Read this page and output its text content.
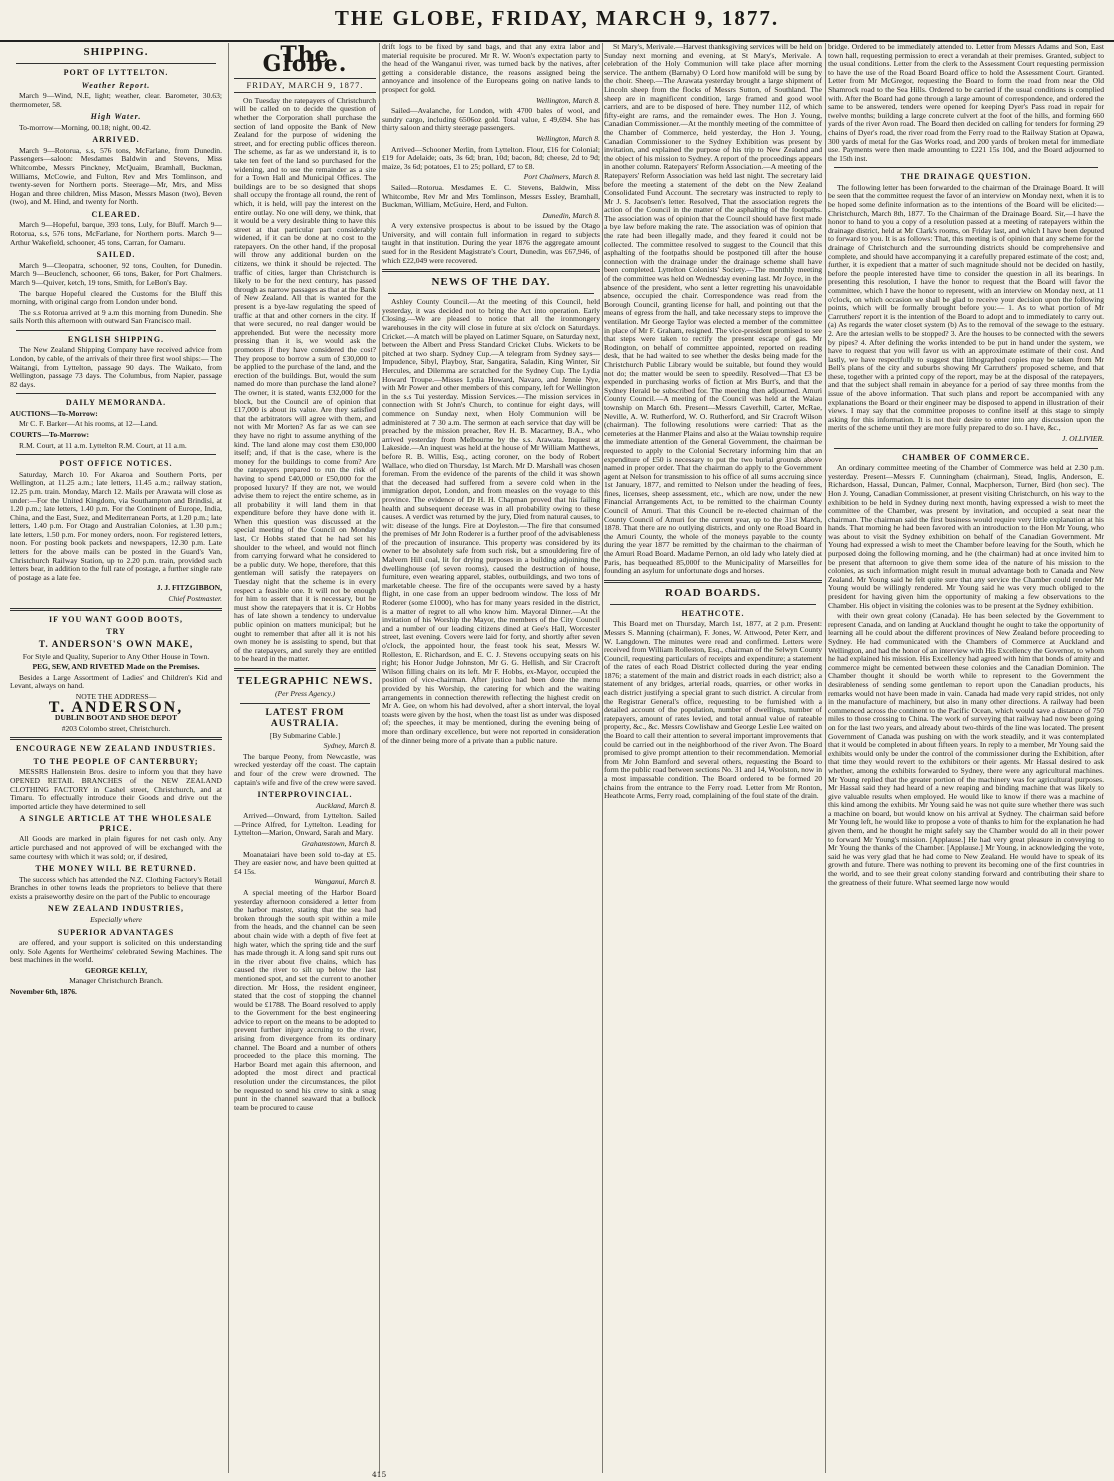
THE GLOBE, FRIDAY, MARCH 9, 1877.
SHIPPING.
PORT OF LYTTELTON.
Weather Report.

March 9—Wind, N.E, light; weather, clear. Barometer, 30.63; thermometer, 58.

High Water.

To-morrow—Morning, 00.18; night, 00.42.

ARRIVED.

March 9—Rotorua, s.s, 576 tons, McFarlane, from Dunedin. Passengers—saloon: Mesdames Baldwin and Stevens, Miss Whitcombe, Messrs Pinckney, McQuaim, Bramhall, Buckman, Williams, McCowie, and Fulton, Rev and Mrs Tomlinson, and twenty-seven for Northern ports. Steerage—Mr, Mrs, and Miss Hogan and three children, Miss Mason, Messrs Mason (two), Beven (two), and M. Hind, and twenty for North.

CLEARED.

March 9—Hopeful, barque, 393 tons, Luly, for Bluff. March 9—Rotorua, s.s, 576 tons, McFarlane, for Northern ports. March 9—Arthur Wakefield, schooner, 45 tons, Carran, for Oamaru.

SAILED.

March 9—Cleopatra, schooner, 92 tons, Coulten, for Dunedin. March 9—Beuclench, schooner, 66 tons, Baker, for Port Chalmers. March 9—Quiver, ketch, 19 tons, Smith, for LeBon's Bay.

The barque Hopeful cleared the Customs for the Bluff this morning, with original cargo from London under bond.

The s.s Rotorua arrived at 9 a.m this morning from Dunedin. She sails North this afternoon with outward San Francisco mail.

ENGLISH SHIPPING.

The New Zealand Shipping Company have received advice from London, by cable, of the arrivals of their three first wool ships:— The Waitangi, from Lyttelton, passage 90 days. The Waikato, from Wellington, passage 73 days. The Columbus, from Napier, passage 82 days.

DAILY MEMORANDA.

AUCTIONS—To-Morrow:

Mr C. F. Barker—At his rooms, at 12—Land.

COURTS—To-Morrow:

R.M. Court, at 11 a.m. Lyttelton R.M. Court, at 11 a.m.

POST OFFICE NOTICES.

Saturday, March 10. For Akaroa and Southern Ports, per Wellington, at 11.25 a.m.; late letters, 11.45 a.m.; railway station, 12.25 p.m. train. Monday, March 12. Mails per Arawata will close as under:—For the United Kingdom, via Southampton and Brindisi, at 1.20 p.m.; late letters, 1.40 p.m. For the Continent of Europe, India, China, and the East, Suez, and Mediterranean Ports, at 1.20 p.m.; late letters, 1.40 p.m. For Otago and Australian Colonies, at 1.30 p.m.; late letters, 1.50 p.m. For money orders, noon. For registered letters, noon. For posting book packets and newspapers, 12.30 p.m. Late letters for the above mails can be posted in the Guard's Van, Christchurch Railway Station, up to 2.20 p.m. train, provided such letters bear, in addition to the full rate of postage, a further single rate of postage as a late fee.

J. J. FITZGIBBON,

Chief Postmaster.

IF YOU WANT GOOD BOOTS,
TRY
T. ANDERSON'S OWN MAKE,

For Style and Quality, Superior to Any Other House in Town.

PEG, SEW, AND RIVETED Made on the Premises.

Besides a Large Assortment of Ladies' and Children's Kid and Levant, always on hand.

NOTE THE ADDRESS—

T. ANDERSON,

DUBLIN BOOT AND SHOE DEPOT

#203 Colombo street, Christchurch.

ENCOURAGE NEW ZEALAND INDUSTRIES.
TO THE PEOPLE OF CANTERBURY;

MESSRS Hallenstein Bros. desire to inform you that they have OPENED RETAIL BRANCHES of the NEW ZEALAND CLOTHING FACTORY in Cashel street, Christchurch, and at Timaru. To effectually introduce their Goods and drive out the imported article they have determined to sell

A SINGLE ARTICLE AT THE WHOLESALE PRICE.

All Goods are marked in plain figures for net cash only. Any article purchased and not approved of will be exchanged with the same courtesy with which it was sold; or, if desired,

THE MONEY WILL BE RETURNED.

The success which has attended the N.Z. Clothing Factory's Retail Branches in other towns leads the proprietors to believe that there exists a praiseworthy desire on the part of the Public to encourage

NEW ZEALAND INDUSTRIES,

Especially where

SUPERIOR ADVANTAGES

are offered, and your support is solicited on this understanding only. Sole Agents for Wertheims' celebrated Sewing Machines. The best machines in the world.

GEORGE KELLY,

Manager Christchurch Branch.

November 6th, 1876.

The Globe.
FRIDAY, MARCH 9, 1877.

On Tuesday the ratepayers of Christchurch will be called on to decide the question of whether the Corporation shall purchase the section of land opposite the Bank of New Zealand for the purpose of widening the street, and for erecting public offices thereon. The scheme, as far as we understand it, is to take ten feet of the land so purchased for the widening, and to use the remainder as a site for a Town Hall and Municipal Offices. The buildings are to be so designed that shops shall occupy the frontage all round, the rent of which, it is held, will pay the interest on the entire outlay. No one will deny, we think, that it would be a very desirable thing to have this street at that particular part considerably widened, if it can be done at no cost to the ratepayers. On the other hand, if the proposal will throw any additional burden on the citizens, we think it should be rejected. The traffic of cities, larger than Christchurch is likely to be for the next century, has passed through as narrow passages as that at the Bank of New Zealand. All that is wanted for the present is a bye-law regulating the speed of traffic at that and other corners in the city. If that were secured, no real danger would be apprehended. But were the necessity more pressing than it is, we would ask the promoters if they have considered the cost? They propose to borrow a sum of £30,000 to be applied to the purchase of the land, and the erection of the buildings. But, would the sum named do more than purchase the land alone? The owner, it is stated, wants £32,000 for the block, but the Council are of opinion that £17,000 is about its value. Are they satisfied that the arbitrators will agree with them, and not with Mr Morten? As far as we can see they have no right to assume anything of the kind. The land alone may cost them £30,000 itself; and, if that is the case, where is the money for the buildings to come from? Are the ratepayers prepared to run the risk of having to spend £40,000 or £50,000 for the proposed luxury? If they are not, we would advise them to reject the entire scheme, as in all probability it will land them in that expenditure before they have done with it. When this question was discussed at the special meeting of the Council on Monday last, Cr Hobbs stated that he had set his shoulder to the wheel, and would not flinch from carrying forward what he considered to be a public duty. We hope, therefore, that this gentleman will satisfy the ratepayers on Tuesday night that the scheme is in every respect a feasible one. It will not be enough for him to assert that it is necessary, but he must show the ratepayers that it is. Cr Hobbs has of late shown a tendency to undervalue public opinion on matters municipal; but he ought to remember that after all it is not his own money he is assisting to spend, but that of the ratepayers, and surely they are entitled to be heard in the matter.

TELEGRAPHIC NEWS.

(Per Press Agency.)

LATEST FROM AUSTRALIA.

[By Submarine Cable.]

Sydney, March 8.

The barque Peony, from Newcastle, was wrecked yesterday off the coast. The captain and four of the crew were drowned. The captain's wife and five of the crew were saved.

INTERPROVINCIAL.

Auckland, March 8.

Arrived—Onward, from Lyttelton. Sailed—Prince Alfred, for Lyttelton. Leading for Lyttelton—Marion, Onward, Sarah and Mary.

Grahamstown, March 8.

Moanataiari have been sold to-day at £5. They are easier now, and have been quitted at £4 15s.

Wanganui, March 8.

A special meeting of the Harbor Board yesterday afternoon considered a letter from the harbor master, stating that the sea had broken through the south spit within a mile from the heads, and the channel can be seen about chain wide with a depth of five feet at high water, which the spring tide and the surf has made through it. A long sand spit runs out in the river about five chains, which has caused the river to silt up below the last mentioned spot, and set the current to another direction. Mr Hoss, the resident engineer, stated that the cost of stopping the channel would be £1788. The Board resolved to apply to the Government for the best engineering advice to report on the means to be adopted to prevent further injury accruing to the river, arising from divergence from its ordinary channel. The Board and a number of others proceeded to the place this morning. The Harbor Board met again this afternoon, and adopted the most direct and practical resolution under the circumstances, the pilot be requested to send his crew to sink a snag punt in the channel seaward that a bullock team be procured to cause

drift logs to be fixed by sand bags, and that any extra labor and material requisite be procured. Mr R. W. Woon's expectation party to the head of the Wanganui river, was turned back by the natives, after getting a considerable distance, the reasons assigned being the annoyance and insolence of the Europeans going on native lands to prospect for gold.

Wellington, March 8.

Sailed—Avalanche, for London, with 4700 bales of wool, and sundry cargo, including 6506oz gold. Total value, £ 49,694. She has thirty saloon and thirty steerage passengers.

Wellington, March 8.

Arrived—Schooner Merlin, from Lyttelton. Flour, £16 for Colonial; £19 for Adelaide; oats, 3s 6d; bran, 10d; bacon, 8d; cheese, 2d to 9d; maize, 3s 6d; potatoes, £1 to 25; pollard, £7 to £8.

Port Chalmers, March 8.

Sailed—Rotorua. Mesdames E. C. Stevens, Baldwin, Miss Whitcombe, Rev Mr and Mrs Tomlinson, Messrs Essley, Bramhall, Buckman, William, McGuire, Herd, and Fulton.

Dunedin, March 8.

A very extensive prospectus is about to be issued by the Otago University, and will contain full information in regard to subjects taught in that institution. During the year 1876 the aggregate amount sued for in the Resident Magistrate's Court, Dunedin, was £67,946, of which £22,049 were recovered.

NEWS OF THE DAY.

Ashley County Council.—At the meeting of this Council, held yesterday, it was decided not to bring the Act into operation. Early Closing.—We are pleased to notice that all the ironmongery warehouses in the city will close in future at six o'clock on Saturdays. Cricket.—A match will be played on Latimer Square, on Saturday next, between the Albert and Press Standard Cricket Clubs. Wickets to be pitched at two sharp. Sydney Cup.—A telegram from Sydney says—Impudence, Sibyl, Playboy, Star, Sangatira, Saladin, King Winter, Sir Hercules, and Dilemma are scratched for the Sydney Cup. The Lydia Howard Troupe.—Misses Lydia Howard, Navaro, and Jennie Nye, with Mr Power and other members of this company, left for Wellington in the s.s Tui yesterday. Mission Services.—The mission services in connection with St John's Church, to continue for eight days, will commence on Sunday next, when Holy Communion will be administered at 7 30 a.m. The sermon at each service that day will be preached by the mission preacher, Rev H. B. Macartney, B.A., who arrived yesterday from Melbourne by the s.s. Arawata. Inquest at Lakeside.—An inquest was held at the house of Mr William Matthews, before R. B. Willis, Esq., acting coroner, on the body of Robert Wallace, who died on Thursday, 1st March. Mr D. Marshall was chosen foreman. From the evidence of the parents of the child it was shown that the deceased had suffered from a severe cold when in the immigration depot, London, and from measles on the voyage to this province. The evidence of Dr H. H. Chapman proved that his failing health and subsequent decease was in all probability owing to these causes. A verdict was returned by the jury, Died from natural causes, to wit: disease of the lungs. Fire at Doyleston.—The fire that consumed the premises of Mr John Roderer is a further proof of the advisableness of the precaution of insurance. This property was considered by its owner to be absolutely safe from such risk, but a smouldering fire of Malvern Hill coal, lit for drying purposes in a building adjoining the dwellinghouse (of seven rooms), caused the destruction of house, furniture, even wearing apparel, stables, outbuildings, and two tons of marketable cheese. The fire of the occupants were saved by a hasty flight, in one case from an upper bedroom window. The loss of Mr Roderer (some £1000), who has for many years resided in the district, is a matter of regret to all who know him. Mayoral Dinner.—At the invitation of his Worship the Mayor, the members of the City Council and a number of our leading citizens dined at Gee's Hall, Worcester street, last evening. Covers were laid for forty, and shortly after seven o'clock, the appointed hour, the feast took his seat, Messrs W. Rolleston, E. Richardson, and E. C. J. Stevens occupying seats on his right; his Honor Judge Johnston, Mr G. G. Hellish, and Sir Cracroft Wilson filling chairs on its left. Mr F. Hobbs, ex-Mayor, occupied the position of vice-chairman. After justice had been done the menu provided by his Worship, the catering for which and the waiting arrangements in connection therewith reflecting the highest credit on Mr A. Gee, on whom his had devolved, after a short interval, the loyal toasts were given by the host, when the toast list as under was disposed of; the speeches, it may be mentioned, during the evening being of more than ordinary excellence, but were not reported in consideration of the dinner being more of a private than a public nature.

St Mary's, Merivale.—Harvest thanksgiving services will be held on Sunday next morning and evening, at St Mary's, Merivale. A celebration of the Holy Communion will take place after morning service. The anthem (Barnaby) O Lord how manifold will be sung by the choir. Sheep.—The Arawata yesterday brought a large shipment of Lincoln sheep from the flocks of Messrs Sutton, of Southland. The sheep are in magnificent condition, large framed and good wool carriers, and are to be disposed of here. They number 112, of which fifty-eight are rams, and the remainder ewes. The Hon J. Young, Canadian Commissioner.—At the monthly meeting of the committee of the Chamber of Commerce, held yesterday, the Hon J. Young, Canadian Commissioner to the Sydney Exhibition was present by invitation, and explained the purpose of his trip to New Zealand and the object of his mission to Sydney. A report of the proceedings appears in another column. Ratepayers' Reform Association.—A meeting of the Ratepayers' Reform Association was held last night. The secretary laid before the meeting a statement of the debt on the New Zealand Consolidated Fund Account. The secretary was instructed to reply to Mr J. S. Jacobsen's letter. Resolved, That the association regrets the action of the Council in the matter of the asphalting of the footpaths. The association was of opinion that the Council should have first made a bye law before making the rate. The association was of opinion that the rate had been illegally made, and they feared it could not be collected. The committee resolved to suggest to the Council that this asphalting of the footpaths should be postponed till after the house connection with the drainage under the drainage scheme shall have been completed. Lyttelton Colonists' Society.—The monthly meeting of the committee was held on Wednesday evening last. Mr Joyce, in the absence of the president, who sent a letter regretting his unavoidable absence, occupied the chair. Correspondence was read from the Borough Council, granting license for hall, and pointing out that the means of egress from the hall, and take necessary steps to improve the ventilation. Mr George Taylor was elected a member of the committee in place of Mr F. Graham, resigned. The vice-president promised to see that steps were taken to rectify the present escape of gas. Mr Rodington, on behalf of committee appointed, reported on reading desk, that he had waited to see whether the desks being made for the Christchurch Public Library would be suitable, but found they would not do; the matter would be seen to speedily. Resolved—That £3 be expended in purchasing works of fiction at Mrs Burt's, and that the Sydney Herald be subscribed for. The meeting then adjourned. Amuri County Council.—A meeting of the Council was held at the Waiau township on March 6th. Present—Messrs Caverhill, Carter, McRae, Neville, A. W. Rutherford, W. O. Rutherford, and Sir Cracroft Wilson (chairman). The following resolutions were carried: That as the cemeteries at the Hanmer Plains and also at the Waiau township require the immediate attention of the General Government, the chairman be requested to apply to the Colonial Secretary informing him that an expenditure of £50 is necessary to put the two burial grounds above named in proper order. That the chairman do apply to the Government agent at Nelson for transmission to his office of all sums accruing since 1st January, 1877, and remitted to Nelson under the heading of fees, fines, licenses, sheep assessment, etc., which are now, under the new Financial Arrangements Act, to be remitted to the chairman County Council of Amuri. That this Council be re-elected chairman of the County Council of Amuri for the current year, up to the 31st March, 1878. That there are no outlying districts, and only one Road Board in the Amuri County, the whole of the moneys payable to the county during the year 1877 be remitted by the chairman to the chairman of the Amuri Road Board. Madame Pernon, an old lady who lately died at Paris, has bequeathed 85,000f to the Municipality of Marseilles for founding an asylum for unfortunate dogs and horses.

ROAD BOARDS.
HEATHCOTE.

This Board met on Thursday, March 1st, 1877, at 2 p.m. Present: Messrs S. Manning (chairman), F. Jones, W. Attwood, Peter Kerr, and W. Langdown. The minutes were read and confirmed. Letters were received from William Rolleston, Esq., chairman of the Selwyn County Council, requesting particulars of receipts and expenditure; a statement of the rates of each Road District collected during the year ending 1876; a statement of the main and district roads in each district; also a statement of any bridges, arterial roads, quarries, or other works in each district justifying a special grant to such district. A circular from the Registrar General's office, requesting to be furnished with a detailed account of the population, number of dwellings, number of ratepayers, amount of rates levied, and total annual value of rateable property, &c., &c. Messrs Cowlishaw and George Leslie Lee waited on the Board to call their attention to several important improvements that could be carried out in the neighborhood of the river Avon. The Board promised to give prompt attention to their recommendation. Memorial from Mr John Bamford and several others, requesting the Board to form the public road between sections No. 31 and 14, Woolston, now in a most impassable condition. The Board ordered to be formed 20 chains from the entrance to the Ferry road. Letter from Mr Ronton, Heathcote Arms, Ferry road, complaining of the foul state of the drain.

bridge. Ordered to be immediately attended to. Letter from Messrs Adams and Son, East town hall, requesting permission to erect a verandah at their premises. Granted, subject to the usual conditions. Letter from the clerk to the Assessment Court requesting permission to have the use of the Road Board Board office to hold the Assessment Court. Granted. Letter from Mr McGregor, requesting the Board to form the road from near the Old Shamrock road to the Sea Hills. Ordered to be carried if the usual conditions is complied with. After the Board had gone through a large amount of correspondence, and ordered the same to be answered, tenders were opened for keeping Dyer's Pass road in repair for twelve months; building a large concrete culvert at the foot of the hills, and forming 660 yards of the river Avon road. The Board then decided on calling for tenders for forming 29 chains of Dyer's road, the river road from the Ferry road to the Railway Station at Opawa, 300 yards of metal for the Gas Works road, and 200 yards of broken metal for immediate use. Payments were then made amounting to £221 15s 10d, and the Board adjourned to the 15th inst.

THE DRAINAGE QUESTION.

The following letter has been forwarded to the chairman of the Drainage Board. It will be seen that the committee request the favor of an interview on Monday next, when it is to be hoped some definite information as to the intentions of the Board will be elicited:— Christchurch, March 8th, 1877. To the Chairman of the Drainage Board. Sir,—I have the honor to hand to you a copy of a resolution passed at a meeting of ratepayers within the drainage district, held at Mr Clark's rooms, on Friday last, and which I have been deputed to forward to you. It is as follows: That, this meeting is of opinion that any scheme for the drainage of Christchurch and the surrounding districts should be comprehensive and complete, and should have accompanying it a carefully prepared estimate of the cost; and, further, it is expedient that a matter of such magnitude should not be decided on hastily, before the people interested have time to consider the question in all its bearings. In presenting this resolution, I have the honor to request that the Board will favor the committee, which I have the honor to represent, with an interview on Monday next, at 11 o'clock, on which occasion we shall be glad to receive your decision upon the following points, which will be formally brought before you:— 1. As to what portion of Mr Carruthers' report it is the intention of the Board to adopt and to immediately to carry out. (a) As regards the water closet system (b) As to the removal of the sewage to the estuary. 2. Are the artesian wells to be stopped? 3. Are the houses to be connected with the sewers by pipes? 4. After defining the works intended to be put in hand under the system, we have to request that you will favor us with an approximate estimate of their cost. And lastly, we have respectfully to suggest that lithographed copies may be taken from Mr Bell's plans of the city and suburbs showing Mr Carruthers' proposed scheme, and that these, together with a printed copy of the report, may be at the disposal of the ratepayers, and that the subject shall remain in abeyance for a period of say three months from the issue of the above information. That such plans and report be accompanied with any explanations the Board or their engineer may be disposed to append in illustration of their views. I may say that the committee proposes to confine itself at this stage to simply asking for this information. It is not their desire to enter into any discussion upon the merits of the scheme until they are more fully prepared to do so. I have, &c.,

J. OLLIVIER.

CHAMBER OF COMMERCE.

An ordinary committee meeting of the Chamber of Commerce was held at 2.30 p.m. yesterday. Present—Messrs F. Cunningham (chairman), Stead, Inglis, Anderson, E. Richardson, Hassal, Duncan, Palmer, Connal, Macpherson, Turner, Bird (hon sec). The Hon J. Young, Canadian Commissioner, at present visiting Christchurch, on his way to the exhibition to be held in Sydney during next month, having expressed a wish to meet the committee of the Chamber, was present by invitation, and occupied a seat near the chairman. The chairman said the first business would require very little explanation at his hands. That morning he had been favored with an introduction to the Hon Mr Young, who was about to visit the Sydney exhibition on behalf of the Canadian Government. Mr Young had expressed a wish to meet the Chamber before leaving for the South, which he purposed doing the following morning, and he (the chairman) had at once invited him to be present that afternoon to give them some idea of the nature of his mission to the colonies, as such information might result in mutual advantage both to Canada and New Zealand. Mr Young said he felt quite sure that any service the Chamber could render Mr Young would be willingly rendered. Mr Young said he was very much obliged to the president for having given him the opportunity of making a few observations to the Chamber. His object in visiting the colonies was to be present at the Sydney exhibition.

with their own great colony (Canada). He has been selected by the Government to represent Canada, and on landing at Auckland thought he ought to take the opportunity of learning all he could about the different provinces of New Zealand before proceeding to Sydney. He had communicated with the Chambers of Commerce at Auckland and Wellington, and had the honor of an interview with His Excellency the Governor, to whom he had explained his mission. His Excellency had agreed with him that bonds of amity and commerce might be cemented between these colonies and the Canadian Dominion. The Chamber thought it should be worth while to represent to the Government the desirableness of sending some gentleman to report upon the Canadian products, his remarks would not have been made in vain. Canada had made very rapid strides, not only in the manufacture of machinery, but also in many other directions. A railway had been commenced across the continent to the Pacific Ocean, which would save a distance of 750 miles to those crossing to China. The work of surveying that railway had now been going on for the last two years, and already about two-thirds of the line was located. The present Government of Canada was pushing on with the work steadily, and it was contemplated that it would be completed in about fifteen years. In reply to a member, Mr Young said the exhibits would only be under the control of the commissioner during the Exhibition, after that time they would revert to the exhibitors or their agents. Mr Hassal desired to ask whether, among the exhibits forwarded to Sydney, there were any agricultural machines. Mr Young replied that the greater portion of the machinery was for agricultural purposes. Mr Hassal said they had heard of a new reaping and binding machine that was likely to give valuable results when employed. He would like to know if there was a machine of this kind among the exhibits. Mr Young said he was not quite sure whether there was such a machine on board, but would know on his arrival at Sydney. The chairman said before Mr Young left, he would like to propose a vote of thanks to him for the explanation he had given them, and he thought he might safely say the Chamber would do all in their power to forward Mr Young's mission. [Applause.] He had very great pleasure in conveying to Mr Young the thanks of the Chamber. [Applause.] Mr Young, in acknowledging the vote, said he was very glad that he had come to New Zealand. He would have to speak of its growth and future. There was nothing to prevent its becoming one of the first countries in the world, and to see their great colony standing forward and contributing their share to the greatness of their future. What seemed large now would

415
